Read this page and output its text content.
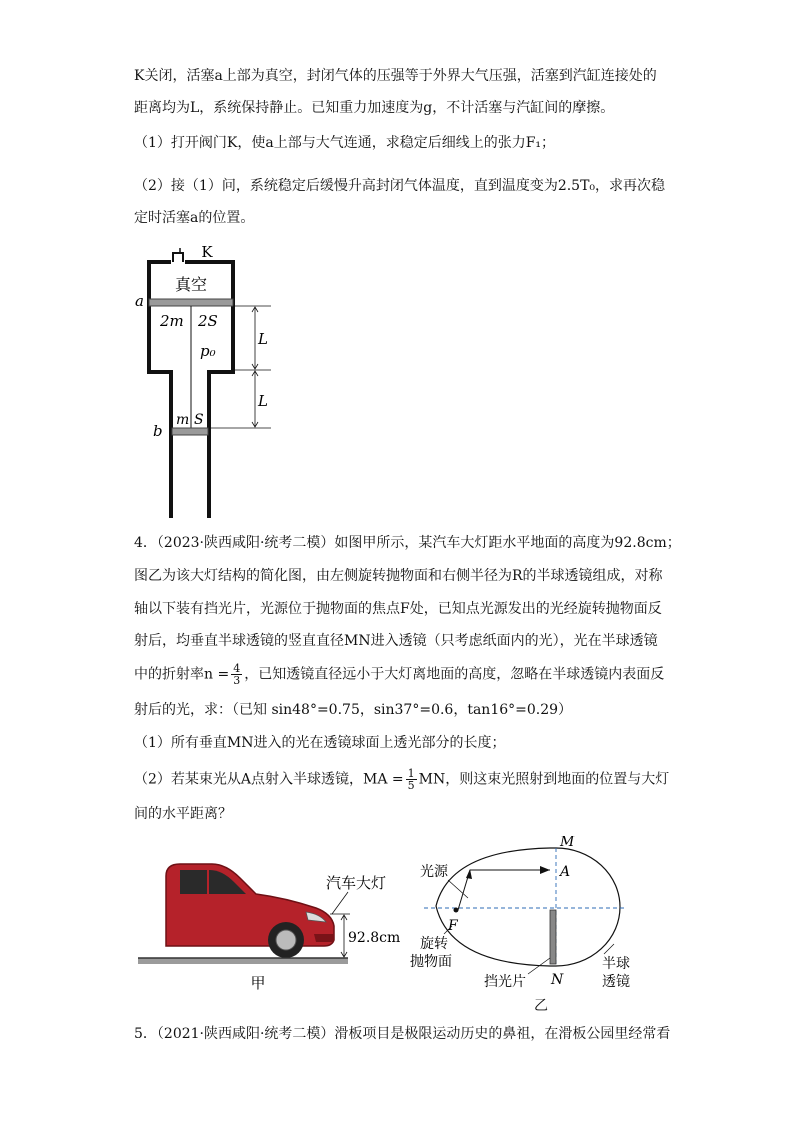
K关闭，活塞a上部为真空，封闭气体的压强等于外界大气压强，活塞到汽缸连接处的
距离均为L，系统保持静止。已知重力加速度为g，不计活塞与汽缸间的摩擦。
（1）打开阀门K，使a上部与大气连通，求稳定后细线上的张力F₁；
（2）接（1）问，系统稳定后缓慢升高封闭气体温度，直到温度变为2.5T₀，求再次稳
定时活塞a的位置。
K
真空
a
2m 2S
p₀
m S
b
L
L
4．（2023·陕西咸阳·统考二模）如图甲所示，某汽车大灯距水平地面的高度为92.8cm；
图乙为该大灯结构的简化图，由左侧旋转抛物面和右侧半径为R的半球透镜组成，对称
轴以下装有挡光片，光源位于抛物面的焦点F处，已知点光源发出的光经旋转抛物面反
射后，均垂直半球透镜的竖直直径MN进入透镜（只考虑纸面内的光），光在半球透镜
中的折射率$n = \frac{4}{3}$ ，已知透镜直径远小于大灯离地面的高度，忽略在半球透镜内表面反
射后的光，求：（已知 sin48°=0.75，sin37°=0.6，tan16°=0.29）
（1）所有垂直MN进入的光在透镜球面上透光部分的长度；
（2）若某束光从A点射入半球透镜，MA = $\frac{1}{5}$ MN，则这束光照射到地面的位置与大灯
间的水平距离？
汽车大灯
92.8cm
甲
M
A
F
N
光源
旋转
抛物面
挡光片
半球
透镜
乙
5．（2021·陕西咸阳·统考二模）滑板项目是极限运动历史的鼻祖，在滑板公园里经常看
